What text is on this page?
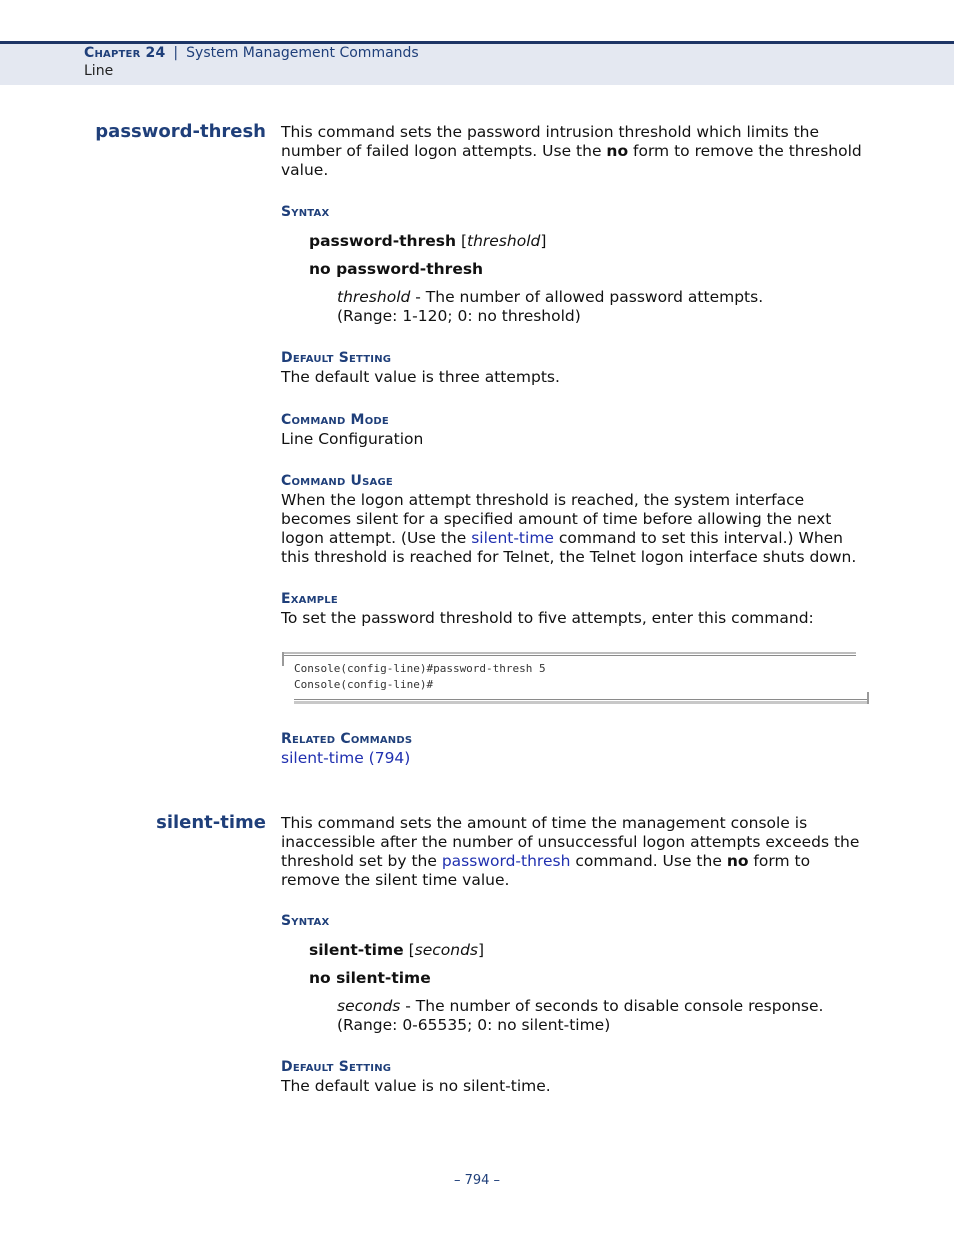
Chapter 24 | System Management Commands
Line
password-thresh This command sets the password intrusion threshold which limits the
number of failed logon attempts. Use the no form to remove the threshold
value.
Syntax
password-thresh [threshold]
no password-thresh
threshold - The number of allowed password attempts.
(Range: 1-120; 0: no threshold)
Default Setting
The default value is three attempts.
Command Mode
Line Configuration
Command Usage
When the logon attempt threshold is reached, the system interface
becomes silent for a specified amount of time before allowing the next
logon attempt. (Use the silent-time command to set this interval.) When
this threshold is reached for Telnet, the Telnet logon interface shuts down.
Example
To set the password threshold to five attempts, enter this command:
Console(config-line)#password-thresh 5
Console(config-line)#
Related Commands
silent-time (794)
silent-time This command sets the amount of time the management console is
inaccessible after the number of unsuccessful logon attempts exceeds the
threshold set by the password-thresh command. Use the no form to
remove the silent time value.
Syntax
silent-time [seconds]
no silent-time
seconds - The number of seconds to disable console response.
(Range: 0-65535; 0: no silent-time)
Default Setting
The default value is no silent-time.
– 794 –
